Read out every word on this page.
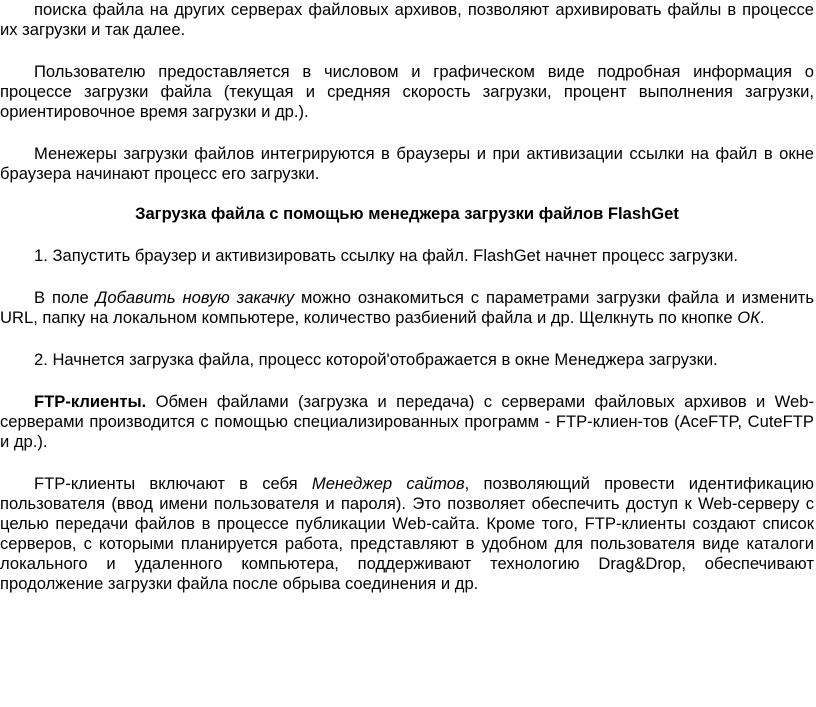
поиска файла на других серверах файловых архивов, позволяют архивировать файлы в процессе их загрузки и так далее.

Пользователю предоставляется в числовом и графическом виде подробная информация о процессе загрузки файла (текущая и средняя скорость загрузки, процент выполнения загрузки, ориентировочное время загрузки и др.).

Менежеры загрузки файлов интегрируются в браузеры и при активизации ссылки на файл в окне браузера начинают процесс его загрузки.

Загрузка файла с помощью менеджера загрузки файлов FlashGet

1. Запустить браузер и активизировать ссылку на файл. FlashGet начнет процесс загрузки.

В поле Добавить новую закачку можно ознакомиться с параметрами загрузки файла и изменить URL, папку на локальном компьютере, количество разбиений файла и др. Щелкнуть по кнопке ОК.

2. Начнется загрузка файла, процесс которой'отображается в окне Менеджера загрузки.

FTP-клиенты. Обмен файлами (загрузка и передача) с серверами файловых архивов и Web-серверами производится с помощью специализированных программ - FTP-клиен-тов (AceFTP, CuteFTP и др.).

FTP-клиенты включают в себя Менеджер сайтов, позволяющий провести идентификацию пользователя (ввод имени пользователя и пароля). Это позволяет обеспечить доступ к Web-серверу с целью передачи файлов в процессе публикации Web-сайта. Кроме того, FTP-клиенты создают список серверов, с которыми планируется работа, представляют в удобном для пользователя виде каталоги локального и удаленного компьютера, поддерживают технологию Drag&Drop, обеспечивают продолжение загрузки файла после обрыва соединения и др.
